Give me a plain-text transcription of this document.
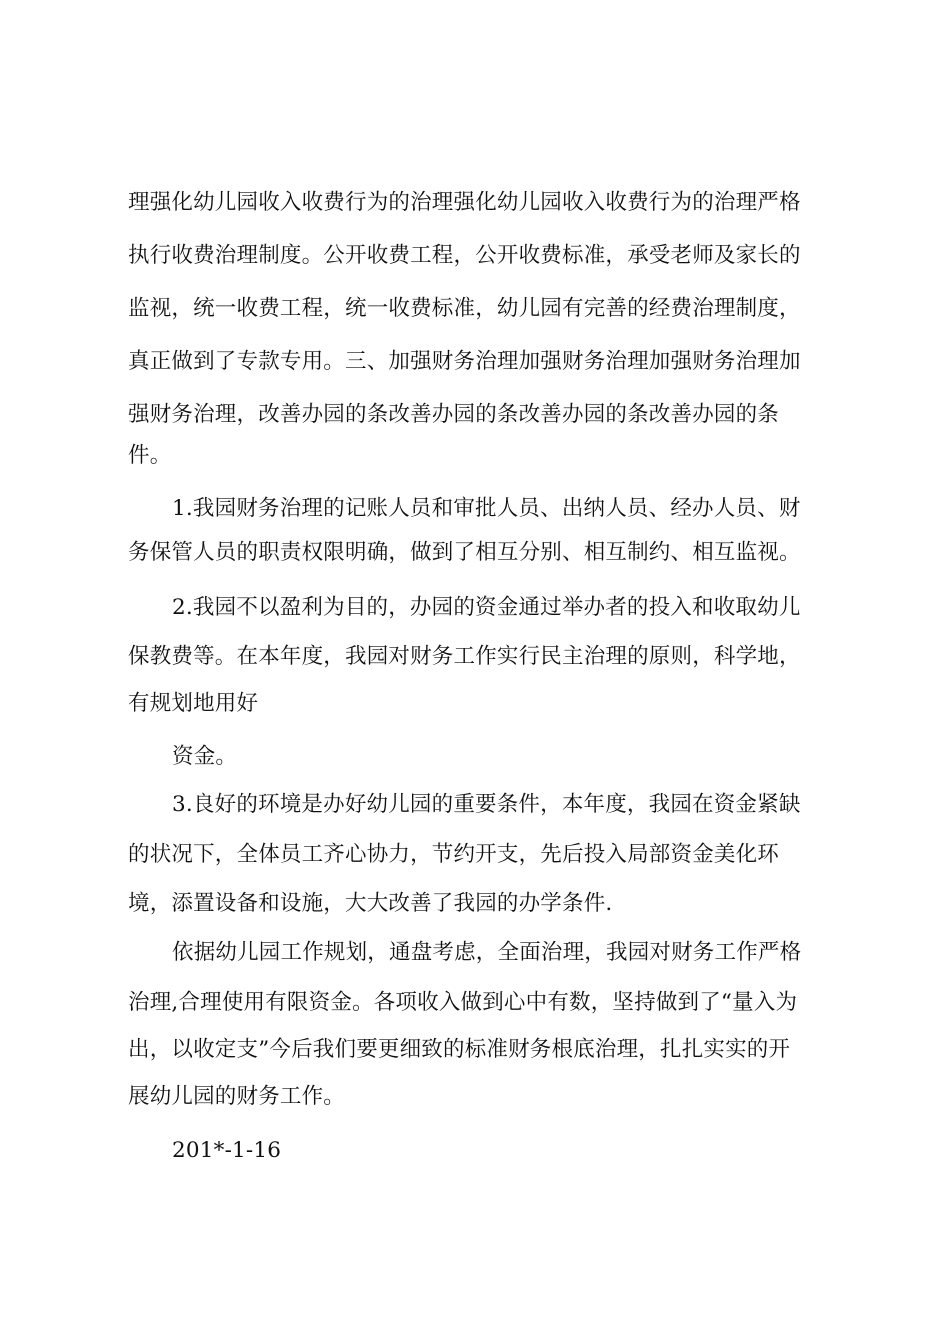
理强化幼儿园收入收费行为的治理强化幼儿园收入收费行为的治理严格
执行收费治理制度。公开收费工程，公开收费标准，承受老师及家长的
监视，统一收费工程，统一收费标准，幼儿园有完善的经费治理制度，
真正做到了专款专用。三、加强财务治理加强财务治理加强财务治理加
强财务治理，改善办园的条改善办园的条改善办园的条改善办园的条
件。
1.我园财务治理的记账人员和审批人员、出纳人员、经办人员、财
务保管人员的职责权限明确，做到了相互分别、相互制约、相互监视。
2.我园不以盈利为目的，办园的资金通过举办者的投入和收取幼儿
保教费等。在本年度，我园对财务工作实行民主治理的原则，科学地，
有规划地用好
资金。
3.良好的环境是办好幼儿园的重要条件，本年度，我园在资金紧缺
的状况下，全体员工齐心协力，节约开支，先后投入局部资金美化环
境，添置设备和设施，大大改善了我园的办学条件.
依据幼儿园工作规划，通盘考虑，全面治理，我园对财务工作严格
治理,合理使用有限资金。各项收入做到心中有数，坚持做到了“量入为
出，以收定支”今后我们要更细致的标准财务根底治理，扎扎实实的开
展幼儿园的财务工作。
201*-1-16
